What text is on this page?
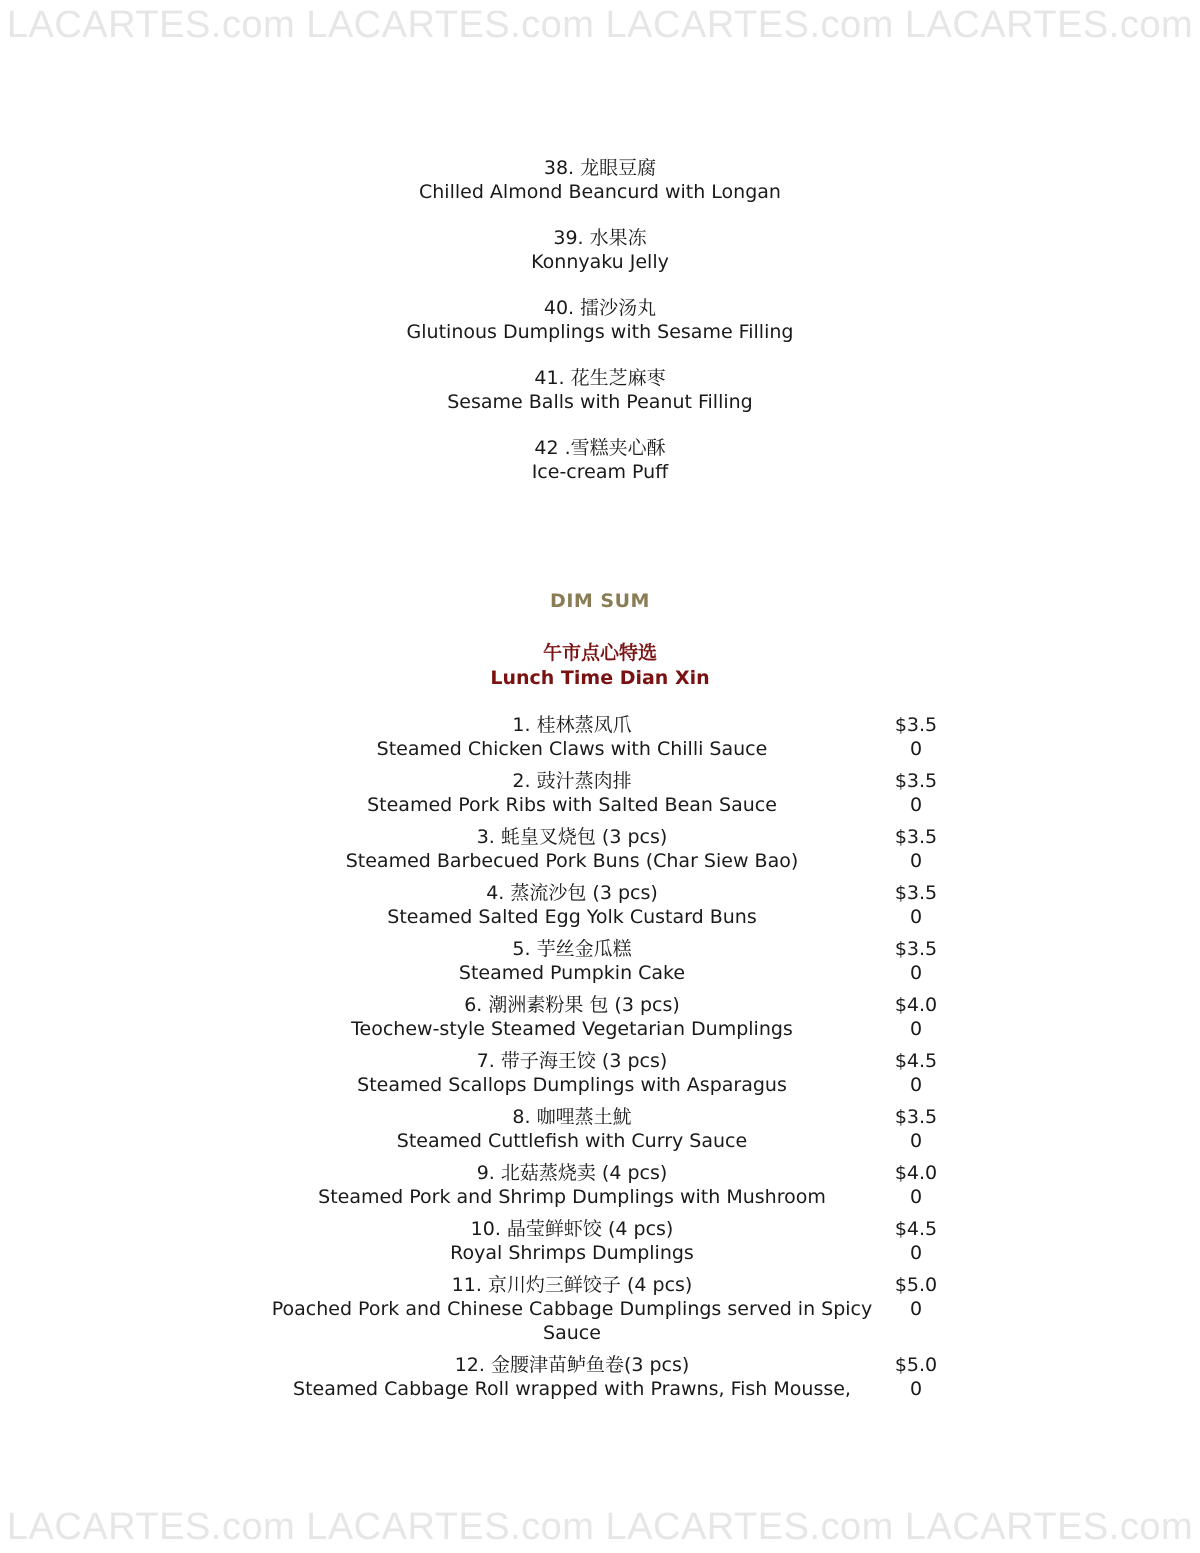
LACARTES.com LACARTES.com LACARTES.com LACARTES.com
38. 龙眼豆腐
Chilled Almond Beancurd with Longan
39. 水果冻
Konnyaku Jelly
40. 擂沙汤丸
Glutinous Dumplings with Sesame Filling
41. 花生芝麻枣
Sesame Balls with Peanut Filling
42 .雪糕夹心酥
Ice-cream Puff
DIM SUM
午市点心特选
Lunch Time Dian Xin
1. 桂林蒸凤爪
Steamed Chicken Claws with Chilli Sauce
$3.5
0
2. 豉汁蒸肉排
Steamed Pork Ribs with Salted Bean Sauce
$3.5
0
3. 蚝皇叉烧包 (3 pcs)
Steamed Barbecued Pork Buns (Char Siew Bao)
$3.5
0
4. 蒸流沙包 (3 pcs)
Steamed Salted Egg Yolk Custard Buns
$3.5
0
5. 芋丝金瓜糕
Steamed Pumpkin Cake
$3.5
0
6. 潮洲素粉果 包 (3 pcs)
Teochew-style Steamed Vegetarian Dumplings
$4.0
0
7. 带子海王饺 (3 pcs)
Steamed Scallops Dumplings with Asparagus
$4.5
0
8. 咖哩蒸土魷
Steamed Cuttlefish with Curry Sauce
$3.5
0
9. 北菇蒸烧卖 (4 pcs)
Steamed Pork and Shrimp Dumplings with Mushroom
$4.0
0
10. 晶莹鲜虾饺 (4 pcs)
Royal Shrimps Dumplings
$4.5
0
11. 京川灼三鲜饺子 (4 pcs)
Poached Pork and Chinese Cabbage Dumplings served in Spicy Sauce
$5.0
0
12. 金腰津苗鲈鱼卷(3 pcs)
Steamed Cabbage Roll wrapped with Prawns, Fish Mousse,
$5.0
0
LACARTES.com LACARTES.com LACARTES.com LACARTES.com
